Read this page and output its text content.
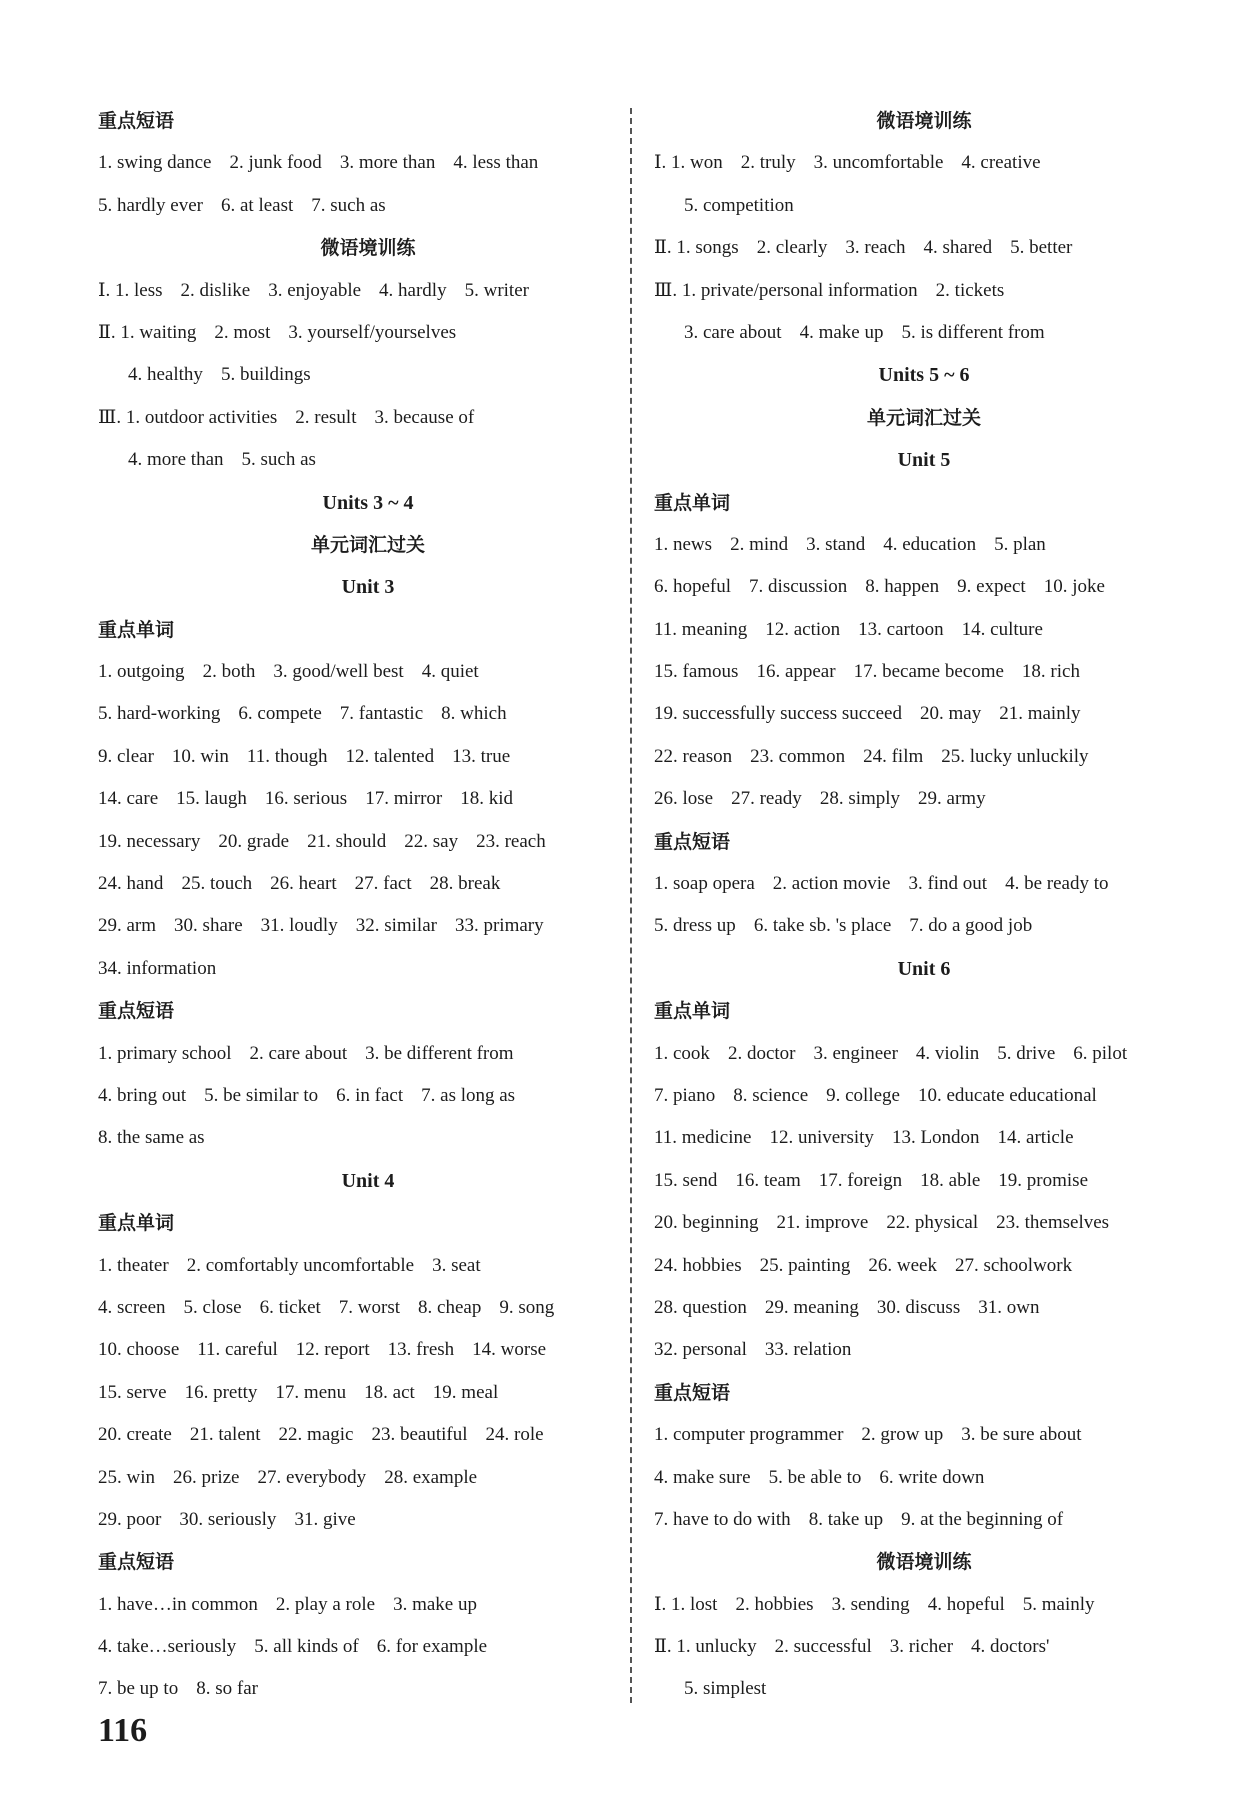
重点短语
1. swing dance 2. junk food 3. more than 4. less than
5. hardly ever 6. at least 7. such as
微语境训练
Ⅰ. 1. less 2. dislike 3. enjoyable 4. hardly 5. writer
Ⅱ. 1. waiting 2. most 3. yourself/yourselves
4. healthy 5. buildings
Ⅲ. 1. outdoor activities 2. result 3. because of
4. more than 5. such as
Units 3 ~ 4
单元词汇过关
Unit 3
重点单词
1. outgoing 2. both 3. good/well best 4. quiet
5. hard-working 6. compete 7. fantastic 8. which
9. clear 10. win 11. though 12. talented 13. true
14. care 15. laugh 16. serious 17. mirror 18. kid
19. necessary 20. grade 21. should 22. say 23. reach
24. hand 25. touch 26. heart 27. fact 28. break
29. arm 30. share 31. loudly 32. similar 33. primary
34. information
重点短语
1. primary school 2. care about 3. be different from
4. bring out 5. be similar to 6. in fact 7. as long as
8. the same as
Unit 4
重点单词
1. theater 2. comfortably uncomfortable 3. seat
4. screen 5. close 6. ticket 7. worst 8. cheap 9. song
10. choose 11. careful 12. report 13. fresh 14. worse
15. serve 16. pretty 17. menu 18. act 19. meal
20. create 21. talent 22. magic 23. beautiful 24. role
25. win 26. prize 27. everybody 28. example
29. poor 30. seriously 31. give
重点短语
1. have…in common 2. play a role 3. make up
4. take…seriously 5. all kinds of 6. for example
7. be up to 8. so far
微语境训练
Ⅰ. 1. won 2. truly 3. uncomfortable 4. creative
5. competition
Ⅱ. 1. songs 2. clearly 3. reach 4. shared 5. better
Ⅲ. 1. private/personal information 2. tickets
3. care about 4. make up 5. is different from
Units 5 ~ 6
单元词汇过关
Unit 5
重点单词
1. news 2. mind 3. stand 4. education 5. plan
6. hopeful 7. discussion 8. happen 9. expect 10. joke
11. meaning 12. action 13. cartoon 14. culture
15. famous 16. appear 17. became become 18. rich
19. successfully success succeed 20. may 21. mainly
22. reason 23. common 24. film 25. lucky unluckily
26. lose 27. ready 28. simply 29. army
重点短语
1. soap opera 2. action movie 3. find out 4. be ready to
5. dress up 6. take sb. 's place 7. do a good job
Unit 6
重点单词
1. cook 2. doctor 3. engineer 4. violin 5. drive 6. pilot
7. piano 8. science 9. college 10. educate educational
11. medicine 12. university 13. London 14. article
15. send 16. team 17. foreign 18. able 19. promise
20. beginning 21. improve 22. physical 23. themselves
24. hobbies 25. painting 26. week 27. schoolwork
28. question 29. meaning 30. discuss 31. own
32. personal 33. relation
重点短语
1. computer programmer 2. grow up 3. be sure about
4. make sure 5. be able to 6. write down
7. have to do with 8. take up 9. at the beginning of
微语境训练
Ⅰ. 1. lost 2. hobbies 3. sending 4. hopeful 5. mainly
Ⅱ. 1. unlucky 2. successful 3. richer 4. doctors'
5. simplest
116
